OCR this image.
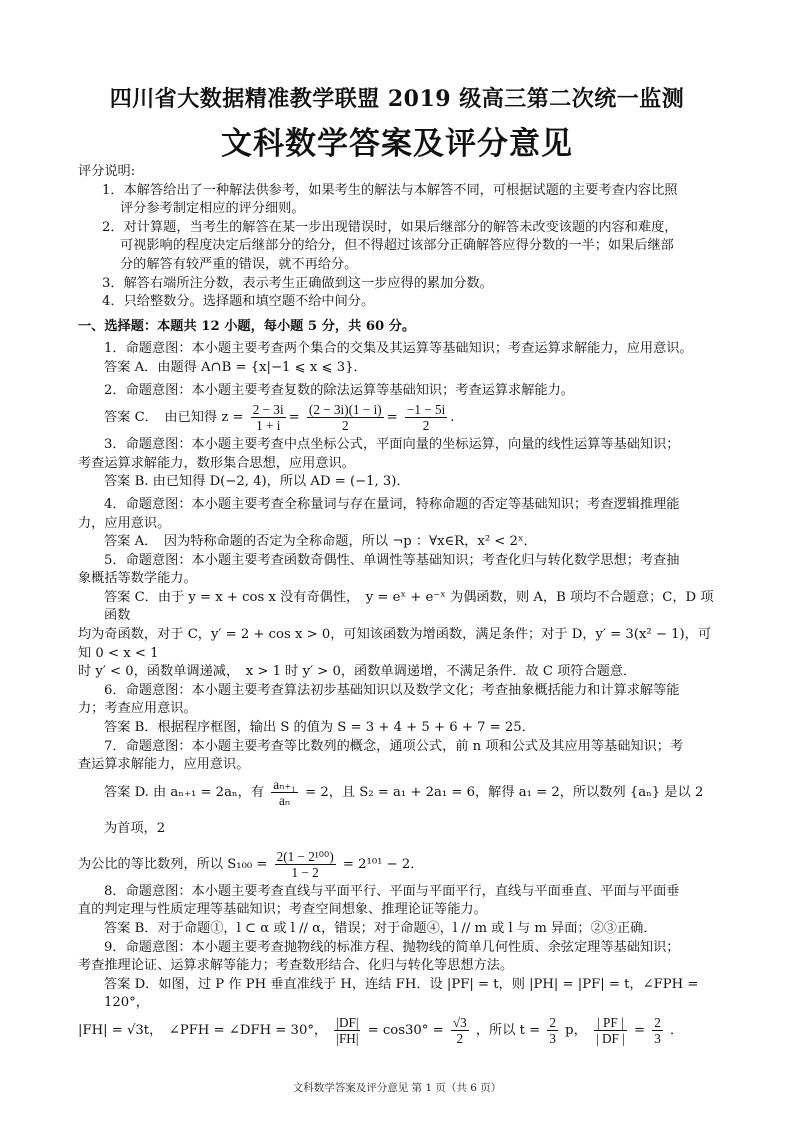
四川省大数据精准教学联盟 2019 级高三第二次统一监测
文科数学答案及评分意见

评分说明:

1．本解答给出了一种解法供参考，如果考生的解法与本解答不同，可根据试题的主要考查内容比照

评分参考制定相应的评分细则。

2．对计算题，当考生的解答在某一步出现错误时，如果后继部分的解答未改变该题的内容和难度，

可视影响的程度决定后继部分的给分，但不得超过该部分正确解答应得分数的一半；如果后继部

分的解答有较严重的错误，就不再给分。

3．解答右端所注分数，表示考生正确做到这一步应得的累加分数。

4．只给整数分。选择题和填空题不给中间分。

一、选择题：本题共 12 小题，每小题 5 分，共 60 分。

1．命题意图：本小题主要考查两个集合的交集及其运算等基础知识；考查运算求解能力，应用意识。

答案 A．由题得 A∩B = {x|−1 ⩽ x ⩽ 3}．

2．命题意图：本小题主要考查复数的除法运算等基础知识；考查运算求解能力。

答案 C．　由已知得 $z = \frac{2 - 3i}{1 + i} = \frac{(2 - 3i)(1 - i)}{2} = \frac{-1 - 5i}{2}$ .

3．命题意图：本小题主要考查中点坐标公式，平面向量的坐标运算，向量的线性运算等基础知识；

考查运算求解能力，数形集合思想，应用意识。

答案 B. 由已知得 D(−2, 4)，所以 AD = (−1, 3)．

4．命题意图：本小题主要考查全称量词与存在量词，特称命题的否定等基础知识；考查逻辑推理能

力，应用意识。

答案 A．　因为特称命题的否定为全称命题，所以 ¬p ：∀x∈R，x² < 2ˣ．

5．命题意图：本小题主要考查函数奇偶性、单调性等基础知识；考查化归与转化数学思想；考查抽

象概括等数学能力。

答案 C．由于 y = x + cos x 没有奇偶性，　y = eˣ + e⁻ˣ 为偶函数，则 A，B 项均不合题意；C，D 项函数

均为奇函数，对于 C，y′ = 2 + cos x > 0，可知该函数为增函数，满足条件；对于 D，y′ = 3(x² − 1)，可知 0 < x < 1

时 y′ < 0，函数单调递减，　x > 1 时 y′ > 0，函数单调递增，不满足条件．故 C 项符合题意．

6．命题意图：本小题主要考查算法初步基础知识以及数学文化；考查抽象概括能力和计算求解等能

力；考查应用意识。

答案 B．根据程序框图，输出 S 的值为 S = 3 + 4 + 5 + 6 + 7 = 25．

7．命题意图：本小题主要考查等比数列的概念，通项公式，前 n 项和公式及其应用等基础知识；考

查运算求解能力，应用意识。

答案 D. 由 aₙ₊₁ = 2aₙ，有 $\frac{\text{aₙ₊₁}}{\text{aₙ}} = 2$，且 S₂ = a₁ + 2a₁ = 6，解得 a₁ = 2，所以数列 {aₙ} 是以 2 为首项，2

为公比的等比数列，所以 $S_{100} = \frac{\text{2(1 − 2¹⁰⁰)}}{1 - 2} = 2^{101} - 2$．

8．命题意图：本小题主要考查直线与平面平行、平面与平面平行，直线与平面垂直、平面与平面垂

直的判定理与性质定理等基础知识；考查空间想象、推理论证等能力。

答案 B．对于命题①，l ⊂ α 或 l // α，错误；对于命题④，l // m 或 l 与 m 异面；②③正确．

9．命题意图：本小题主要考查抛物线的标准方程、抛物线的简单几何性质、余弦定理等基础知识；

考查推理论证、运算求解等能力；考查数形结合、化归与转化等思想方法。

答案 D．如图，过 P 作 PH 垂直准线于 H，连结 FH．设 |PF| = t，则 |PH| = |PF| = t，∠FPH = 120°，

|FH| = √3t，　∠PFH = ∠DFH = 30°， $\frac{|DF|}{|FH|} = \cos 30^\circ = \frac{√3}{2}$ ，所以 $t = \frac{2}{3}$ p， $\frac{| PF |}{| DF |} = \frac{2}{3}$ ．

文科数学答案及评分意见 第 1 页（共 6 页）
